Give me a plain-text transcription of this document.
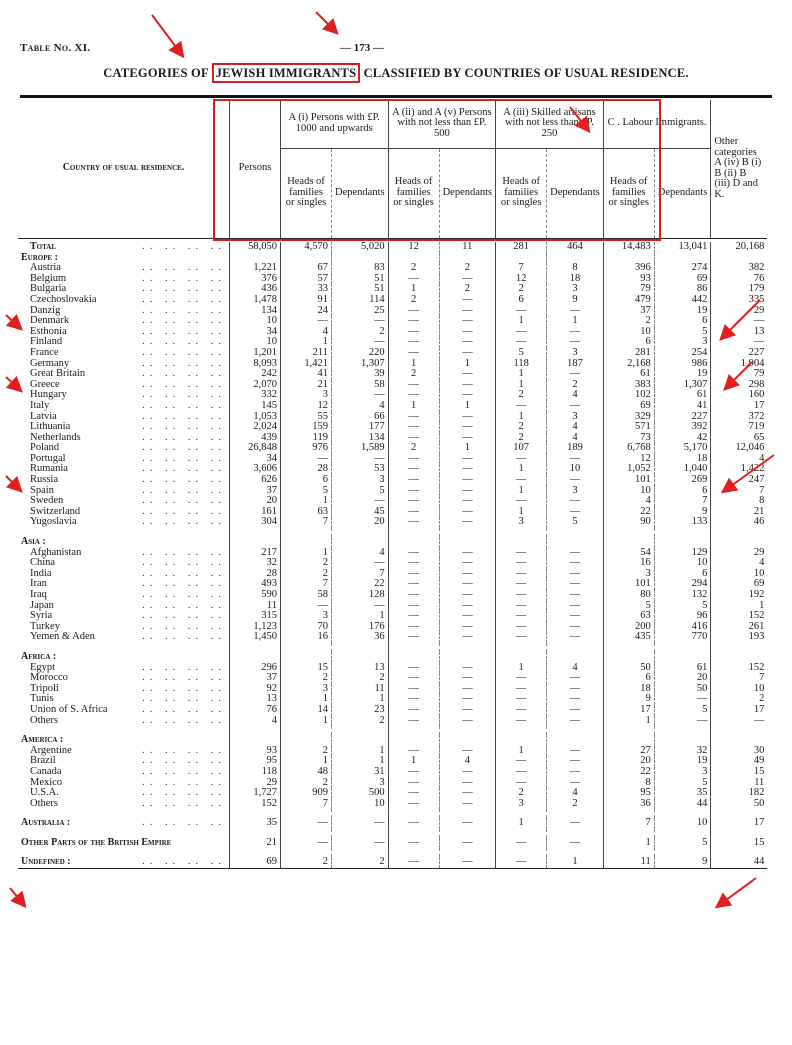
Table No. XI.	— 173 —
CATEGORIES OF JEWISH IMMIGRANTS CLASSIFIED BY COUNTRIES OF USUAL RESIDENCE.
Country of usual residence.	Persons	A (i) Persons with £P. 1000 and upwards		A (ii) and A (v) Persons with not less than £P. 500		A (iii) Skilled artisans with not less than £P. 250		C . Labour Immigrants.		Other categories A (iv) B (i) B (ii) B (iii) D and K.
		Heads of families or singles	Dependants	Heads of families or singles	Dependants	Heads of families or singles	Dependants	Heads of families or singles	Dependants	

Total .. .. .. ..	58,050	4,570	5,020	12	11	281	464	14,483	13,041	20,168
Europe :										
Austria .. .. .. ..	1,221	67	83	2	2	7	8	396	274	382
Belgium .. .. .. ..	376	57	51	—	—	12	18	93	69	76
Bulgaria .. .. .. ..	436	33	51	1	2	2	3	79	86	179
Czechoslovakia .. .. .. ..	1,478	91	114	2	—	6	9	479	442	335
Danzig .. .. .. ..	134	24	25	—	—	—	—	37	19	29
Denmark .. .. .. ..	10	—	—	—	—	1	1	2	6	—
Esthonia .. .. .. ..	34	4	2	—	—	—	—	10	5	13
Finland .. .. .. ..	10	1	—	—	—	—	—	6	3	—
France .. .. .. ..	1,201	211	220	—	—	5	3	281	254	227
Germany .. .. .. ..	8,093	1,421	1,307	1	1	118	187	2,168	986	1,904
Great Britain .. .. .. ..	242	41	39	2	—	1	—	61	19	79
Greece .. .. .. ..	2,070	21	58	—	—	1	2	383	1,307	298
Hungary .. .. .. ..	332	3	—	—	—	2	4	102	61	160
Italy .. .. .. ..	145	12	4	1	1	—	—	69	41	17
Latvia .. .. .. ..	1,053	55	66	—	—	1	3	329	227	372
Lithuania .. .. .. ..	2,024	159	177	—	—	2	4	571	392	719
Netherlands .. .. .. ..	439	119	134	—	—	2	4	73	42	65
Poland .. .. .. ..	26,848	976	1,589	2	1	107	189	6,768	5,170	12,046
Portugal .. .. .. ..	34	—	—	—	—	—	—	12	18	4
Rumania .. .. .. ..	3,606	28	53	—	—	1	10	1,052	1,040	1,422
Russia .. .. .. ..	626	6	3	—	—	—	—	101	269	247
Spain .. .. .. ..	37	5	5	—	—	1	3	10	6	7
Sweden .. .. .. ..	20	1	—	—	—	—	—	4	7	8
Switzerland .. .. .. ..	161	63	45	—	—	1	—	22	9	21
Yugoslavia .. .. .. ..	304	7	20	—	—	3	5	90	133	46

Asia :										
Afghanistan .. .. .. ..	217	1	4	—	—	—	—	54	129	29
China .. .. .. ..	32	2	—	—	—	—	—	16	10	4
India .. .. .. ..	28	2	7	—	—	—	—	3	6	10
Iran .. .. .. ..	493	7	22	—	—	—	—	101	294	69
Iraq .. .. .. ..	590	58	128	—	—	—	—	80	132	192
Japan .. .. .. ..	11	—	—	—	—	—	—	5	5	1
Syria .. .. .. ..	315	3	1	—	—	—	—	63	96	152
Turkey .. .. .. ..	1,123	70	176	—	—	—	—	200	416	261
Yemen & Aden .. .. .. ..	1,450	16	36	—	—	—	—	435	770	193

Africa :										
Egypt .. .. .. ..	296	15	13	—	—	1	4	50	61	152
Morocco .. .. .. ..	37	2	2	—	—	—	—	6	20	7
Tripoli .. .. .. ..	92	3	11	—	—	—	—	18	50	10
Tunis .. .. .. ..	13	1	1	—	—	—	—	9	—	2
Union of S. Africa .. .. .. ..	76	14	23	—	—	—	—	17	5	17
Others .. .. .. ..	4	1	2	—	—	—	—	1	—	—

America :										
Argentine .. .. .. ..	93	2	1	—	—	1	—	27	32	30
Brazil .. .. .. ..	95	1	1	1	4	—	—	20	19	49
Canada .. .. .. ..	118	48	31	—	—	—	—	22	3	15
Mexico .. .. .. ..	29	2	3	—	—	—	—	8	5	11
U.S.A. .. .. .. ..	1,727	909	500	—	—	2	4	95	35	182
Others .. .. .. ..	152	7	10	—	—	3	2	36	44	50

Australia : .. .. .. ..	35	—	—	—	—	1	—	7	10	17

Other Parts of the British Empire	21	—	—	—	—	—	—	1	5	15

Undefined : .. .. .. ..	69	2	2	—	—	—	1	11	9	44
